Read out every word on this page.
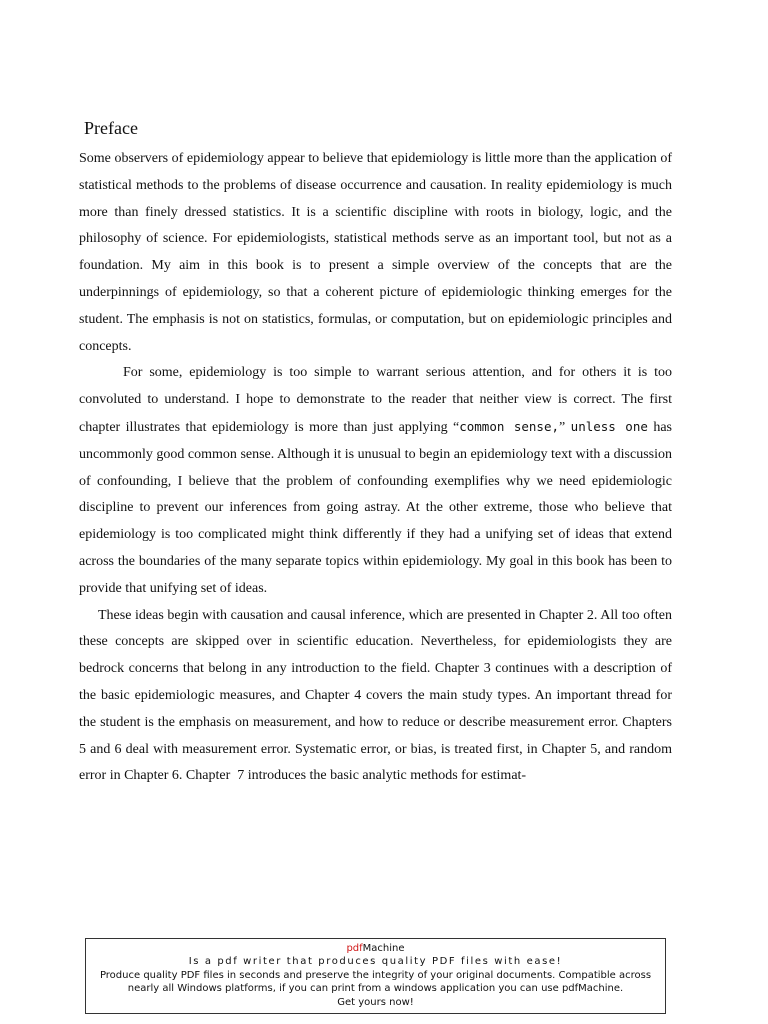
Preface

Some observers of epidemiology appear to believe that epidemiology is little more than the application of statistical methods to the problems of disease occurrence and causation. In reality epidemiology is much more than finely dressed statistics. It is a scientific discipline with roots in biology, logic, and the philosophy of science. For epidemiologists, statistical methods serve as an important tool, but not as a foundation. My aim in this book is to present a simple overview of the concepts that are the underpinnings of epidemiology, so that a coherent picture of epidemiologic thinking emerges for the student. The emphasis is not on statistics, formulas, or computation, but on epidemiologic principles and concepts.

For some, epidemiology is too simple to warrant serious attention, and for others it is too convoluted to understand. I hope to demonstrate to the reader that neither view is correct. The first chapter illustrates that epidemiology is more than just applying “common sense,” unless one has uncommonly good common sense. Although it is unusual to begin an epidemiology text with a discussion of confounding, I believe that the problem of confounding exemplifies why we need epidemiologic discipline to prevent our inferences from going astray. At the other extreme, those who believe that epidemiology is too complicated might think differently if they had a unifying set of ideas that extend across the boundaries of the many separate topics within epidemiology. My goal in this book has been to provide that unifying set of ideas.

These ideas begin with causation and causal inference, which are presented in Chapter 2. All too often these concepts are skipped over in scientific education. Nevertheless, for epidemiologists they are bedrock concerns that belong in any introduction to the field. Chapter 3 continues with a description of the basic epidemiologic measures, and Chapter 4 covers the main study types. An important thread for the student is the emphasis on measurement, and how to reduce or describe measurement error. Chapters 5 and 6 deal with measurement error. Systematic error, or bias, is treated first, in Chapter 5, and random error in Chapter 6. Chapter  7 introduces the basic analytic methods for estimat-

pdfMachine
Is a pdf writer that produces quality PDF files with ease!
Produce quality PDF files in seconds and preserve the integrity of your original documents. Compatible across nearly all Windows platforms, if you can print from a windows application you can use pdfMachine.
Get yours now!
